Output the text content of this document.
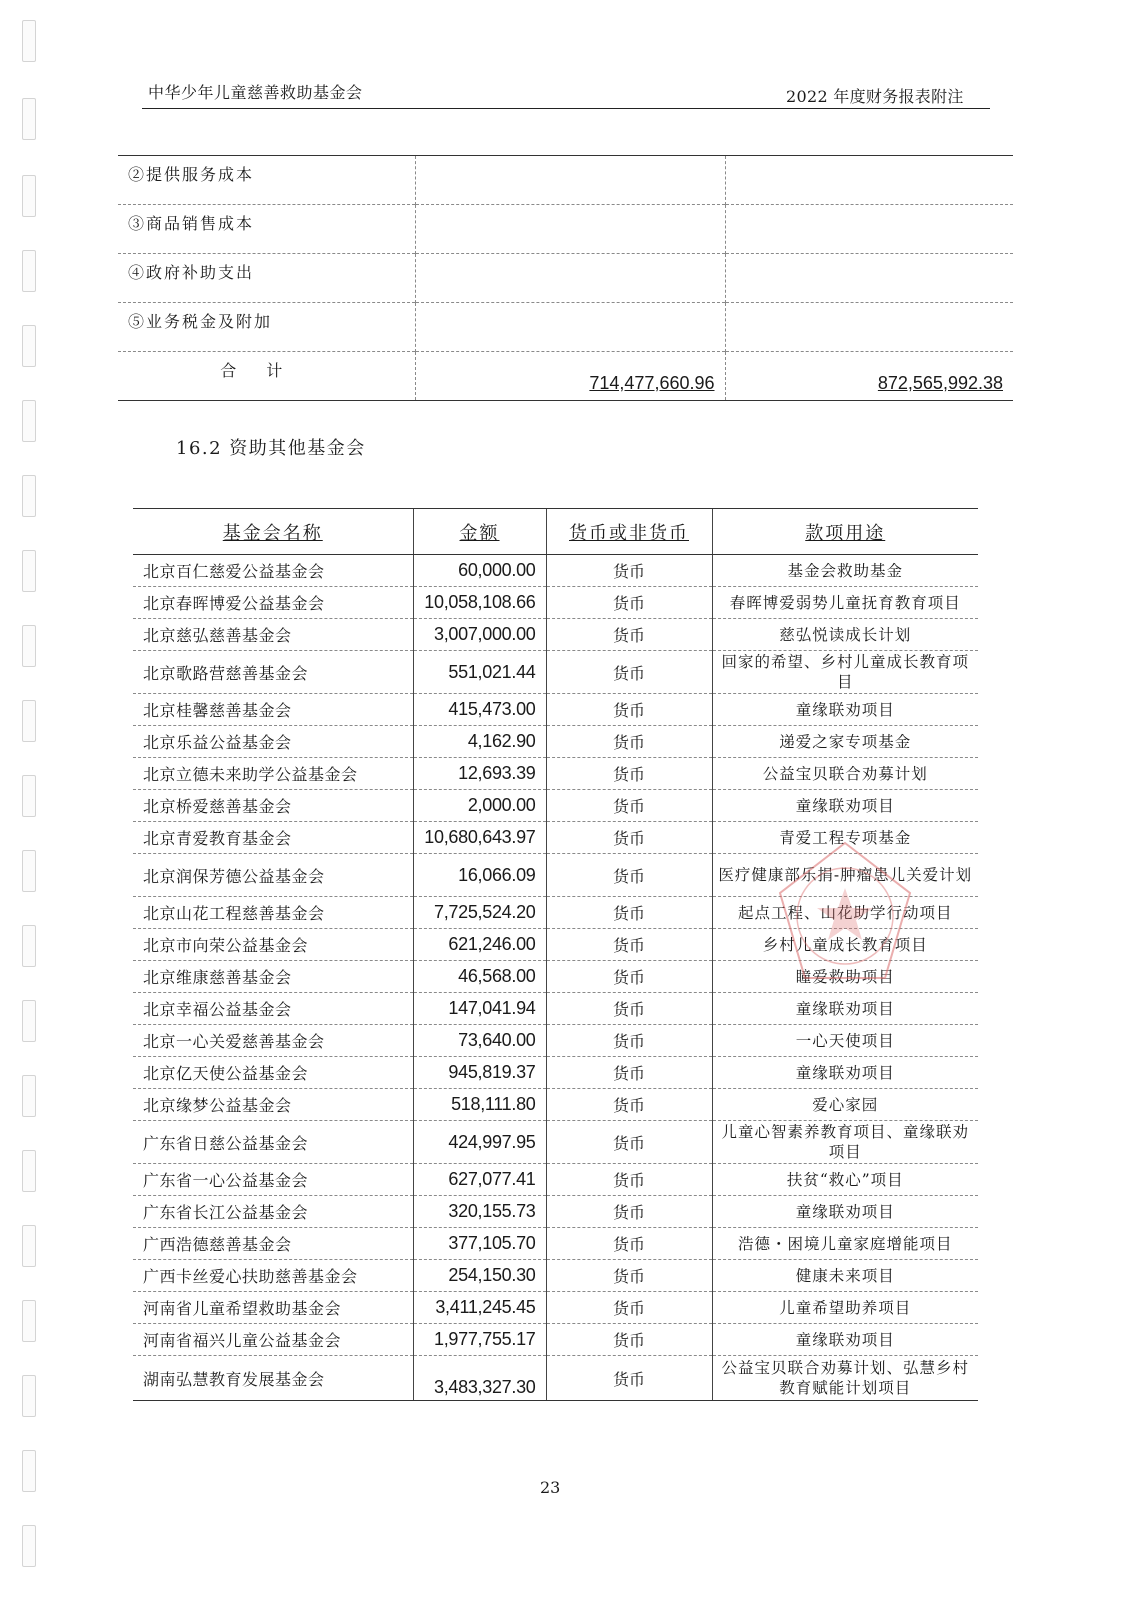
中华少年儿童慈善救助基金会	2022 年度财务报表附注
②提供服务成本		
③商品销售成本		
④政府补助支出		
⑤业务税金及附加		
合计	714,477,660.96	872,565,992.38
16.2 资助其他基金会
基金会名称	金额	货币或非货币	款项用途
北京百仁慈爱公益基金会	60,000.00	货币	基金会救助基金
北京春晖博爱公益基金会	10,058,108.66	货币	春晖博爱弱势儿童抚育教育项目
北京慈弘慈善基金会	3,007,000.00	货币	慈弘悦读成长计划
北京歌路营慈善基金会	551,021.44	货币	回家的希望、乡村儿童成长教育项目
北京桂馨慈善基金会	415,473.00	货币	童缘联劝项目
北京乐益公益基金会	4,162.90	货币	递爱之家专项基金
北京立德未来助学公益基金会	12,693.39	货币	公益宝贝联合劝募计划
北京桥爱慈善基金会	2,000.00	货币	童缘联劝项目
北京青爱教育基金会	10,680,643.97	货币	青爱工程专项基金
北京润保芳德公益基金会	16,066.09	货币	医疗健康部乐捐-肿瘤患儿关爱计划
北京山花工程慈善基金会	7,725,524.20	货币	起点工程、山花助学行动项目
北京市向荣公益基金会	621,246.00	货币	乡村儿童成长教育项目
北京维康慈善基金会	46,568.00	货币	瞳爱救助项目
北京幸福公益基金会	147,041.94	货币	童缘联劝项目
北京一心关爱慈善基金会	73,640.00	货币	一心天使项目
北京亿天使公益基金会	945,819.37	货币	童缘联劝项目
北京缘梦公益基金会	518,111.80	货币	爱心家园
广东省日慈公益基金会	424,997.95	货币	儿童心智素养教育项目、童缘联劝项目
广东省一心公益基金会	627,077.41	货币	扶贫“救心”项目
广东省长江公益基金会	320,155.73	货币	童缘联劝项目
广西浩德慈善基金会	377,105.70	货币	浩德・困境儿童家庭增能项目
广西卡丝爱心扶助慈善基金会	254,150.30	货币	健康未来项目
河南省儿童希望救助基金会	3,411,245.45	货币	儿童希望助养项目
河南省福兴儿童公益基金会	1,977,755.17	货币	童缘联劝项目
湖南弘慧教育发展基金会	3,483,327.30	货币	公益宝贝联合劝募计划、弘慧乡村教育赋能计划项目
23
